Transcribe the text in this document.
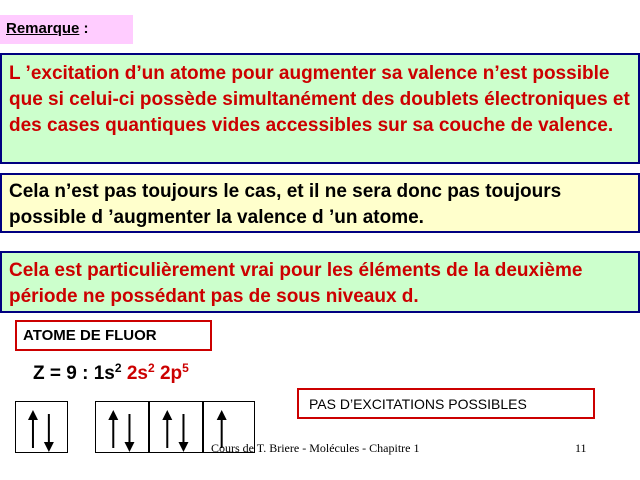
Remarque :
L ’excitation d’un atome pour augmenter sa valence n’est possible que si celui-ci possède simultanément des doublets électroniques et des cases quantiques vides accessibles sur sa couche de valence.
Cela n’est pas toujours le cas, et il ne sera donc pas toujours possible d ’augmenter la valence d ’un atome.
Cela est particulièrement vrai pour les éléments de la deuxième période ne possédant pas de sous niveaux d.
ATOME DE FLUOR
Z = 9 : $1s^2$ $2s^2$ $2p^5$
PAS D’EXCITATIONS POSSIBLES
Cours de T. Briere - Molécules - Chapitre 1	11
